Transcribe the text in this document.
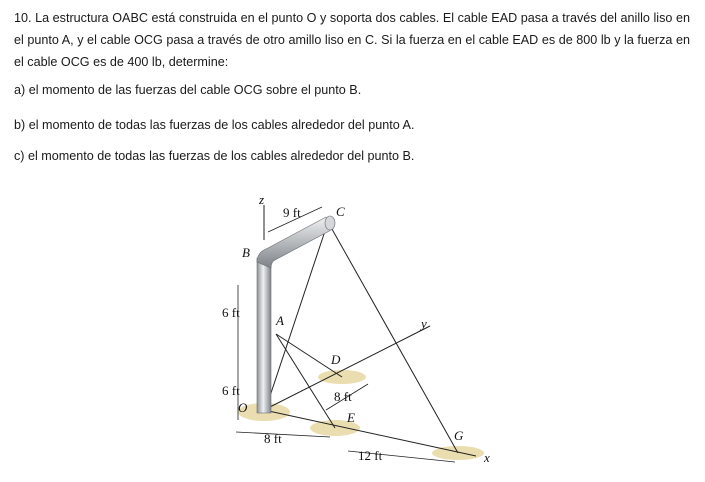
10. La estructura OABC está construida en el punto O y soporta dos cables. El cable EAD pasa a través del anillo liso en el punto A, y el cable OCG pasa a través de otro amillo liso en C. Si la fuerza en el cable EAD es de 800 lb y la fuerza en el cable OCG es de 400 lb, determine:
a) el momento de las fuerzas del cable OCG sobre el punto B.
b) el momento de todas las fuerzas de los cables alrededor del punto A.
c) el momento de todas las fuerzas de los cables alrededor del punto B.
z
y
x
B
C
A
O
D
E
G
9 ft
6 ft
6 ft
8 ft
8 ft
12 ft
